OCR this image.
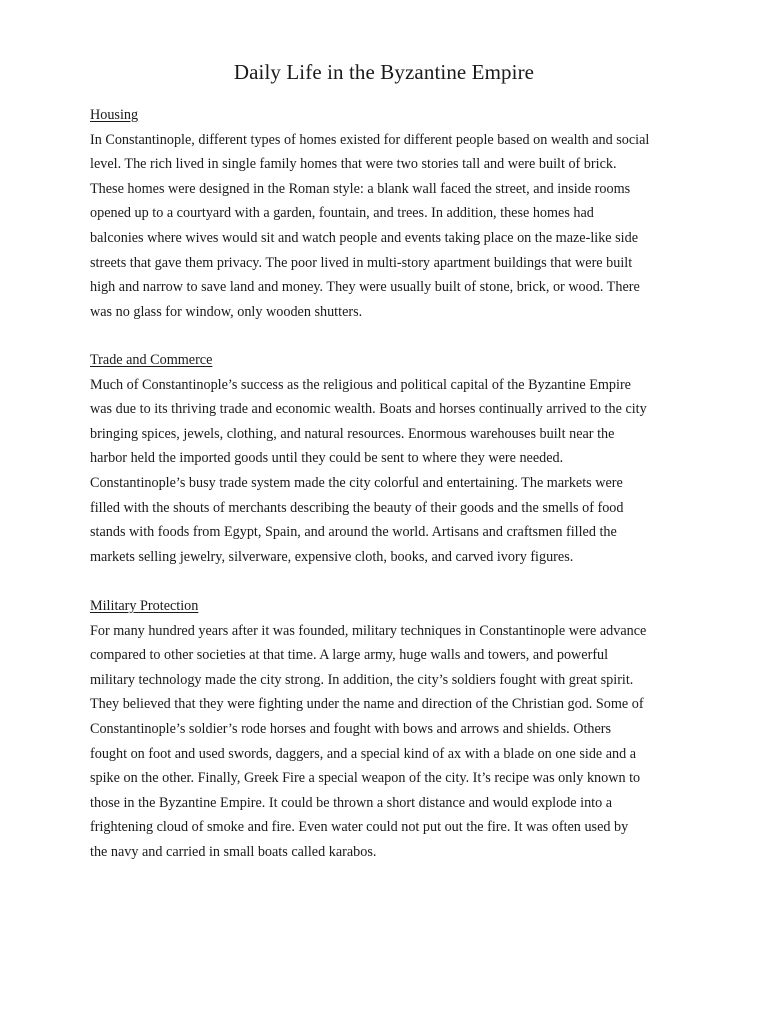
Daily Life in the Byzantine Empire
Housing
In Constantinople, different types of homes existed for different people based on wealth and social
level. The rich lived in single family homes that were two stories tall and were built of brick.
These homes were designed in the Roman style: a blank wall faced the street, and inside rooms
opened up to a courtyard with a garden, fountain, and trees. In addition, these homes had
balconies where wives would sit and watch people and events taking place on the maze-like side
streets that gave them privacy. The poor lived in multi-story apartment buildings that were built
high and narrow to save land and money. They were usually built of stone, brick, or wood. There
was no glass for window, only wooden shutters.
Trade and Commerce
Much of Constantinople’s success as the religious and political capital of the Byzantine Empire
was due to its thriving trade and economic wealth. Boats and horses continually arrived to the city
bringing spices, jewels, clothing, and natural resources. Enormous warehouses built near the
harbor held the imported goods until they could be sent to where they were needed.
Constantinople’s busy trade system made the city colorful and entertaining. The markets were
filled with the shouts of merchants describing the beauty of their goods and the smells of food
stands with foods from Egypt, Spain, and around the world. Artisans and craftsmen filled the
markets selling jewelry, silverware, expensive cloth, books, and carved ivory figures.
Military Protection
For many hundred years after it was founded, military techniques in Constantinople were advance
compared to other societies at that time. A large army, huge walls and towers, and powerful
military technology made the city strong. In addition, the city’s soldiers fought with great spirit.
They believed that they were fighting under the name and direction of the Christian god. Some of
Constantinople’s soldier’s rode horses and fought with bows and arrows and shields. Others
fought on foot and used swords, daggers, and a special kind of ax with a blade on one side and a
spike on the other. Finally, Greek Fire a special weapon of the city. It’s recipe was only known to
those in the Byzantine Empire. It could be thrown a short distance and would explode into a
frightening cloud of smoke and fire. Even water could not put out the fire. It was often used by
the navy and carried in small boats called karabos.
